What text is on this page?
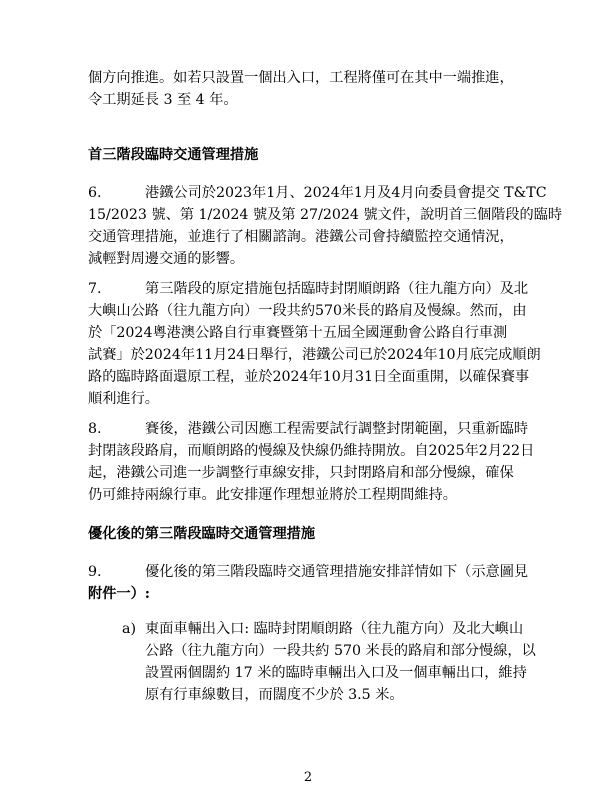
個方向推進。如若只設置一個出入口，工程將僅可在其中一端推進，
令工期延長 3 至 4 年。
首三階段臨時交通管理措施
6.	港鐵公司於2023年1月、2024年1月及4月向委員會提交 T&TC
15/2023 號、第 1/2024 號及第 27/2024 號文件，說明首三個階段的臨時
交通管理措施，並進行了相關諮詢。港鐵公司會持續監控交通情況，
減輕對周邊交通的影響。
7.	第三階段的原定措施包括臨時封閉順朗路（往九龍方向）及北
大嶼山公路（往九龍方向）一段共約570米長的路肩及慢線。然而，由
於「2024粵港澳公路自行車賽暨第十五屆全國運動會公路自行車測
試賽」於2024年11月24日舉行，港鐵公司已於2024年10月底完成順朗
路的臨時路面還原工程，並於2024年10月31日全面重開，以確保賽事
順利進行。
8.	賽後，港鐵公司因應工程需要試行調整封閉範圍，只重新臨時
封閉該段路肩，而順朗路的慢線及快線仍維持開放。自2025年2月22日
起，港鐵公司進一步調整行車線安排，只封閉路肩和部分慢線，確保
仍可維持兩線行車。此安排運作理想並將於工程期間維持。
優化後的第三階段臨時交通管理措施
9.	優化後的第三階段臨時交通管理措施安排詳情如下（示意圖見
附件一）:
a) 東面車輛出入口: 臨時封閉順朗路（往九龍方向）及北大嶼山
公路（往九龍方向）一段共約 570 米長的路肩和部分慢線，以
設置兩個闊約 17 米的臨時車輛出入口及一個車輛出口，維持
原有行車線數目，而闊度不少於 3.5 米。
2
